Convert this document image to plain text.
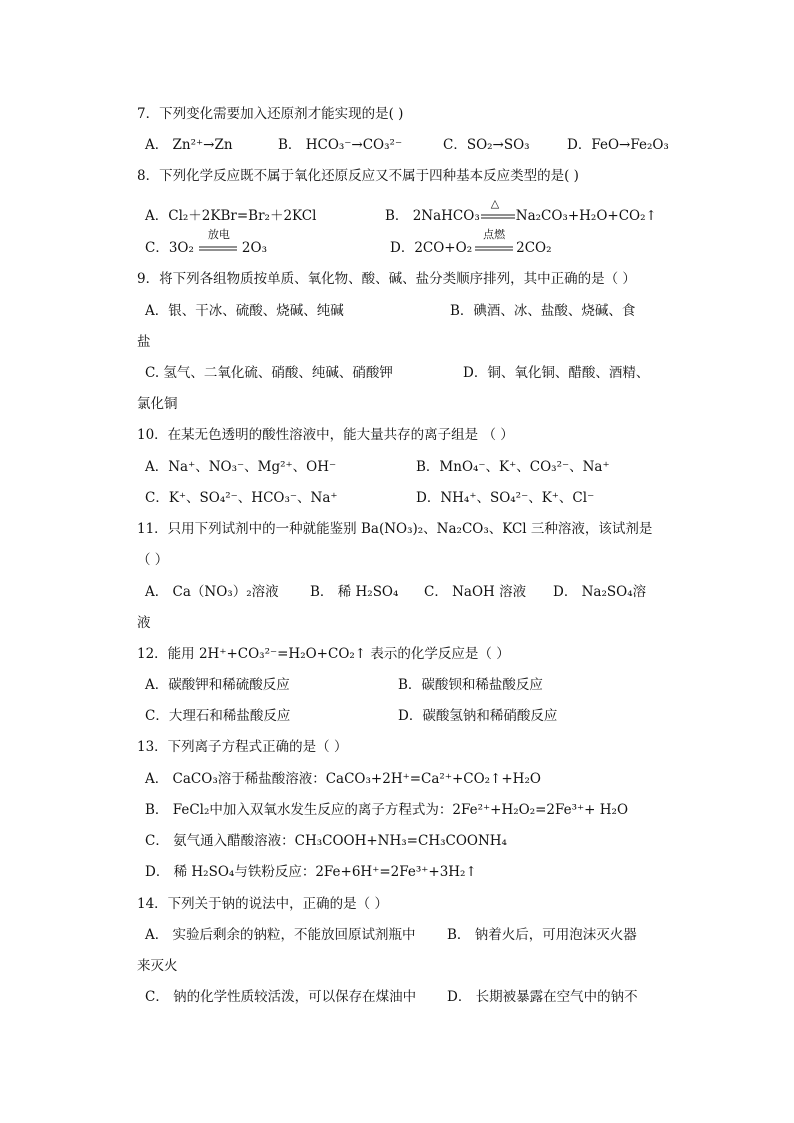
7．下列变化需要加入还原剂才能实现的是( )
A． Zn²⁺→Zn	B． HCO₃⁻→CO₃²⁻	C．SO₂→SO₃	D．FeO→Fe₂O₃
8．下列化学反应既不属于氧化还原反应又不属于四种基本反应类型的是( )
A．Cl₂＋2KBr=Br₂＋2KCl	B． 2NaHCO₃
△
Na₂CO₃+H₂O+CO₂↑
C．3O₂
放电
2O₃	D．2CO+O₂
点燃
2CO₂
9．将下列各组物质按单质、氧化物、酸、碱、盐分类顺序排列，其中正确的是（ ）
A．银、干冰、硫酸、烧碱、纯碱	B．碘酒、冰、盐酸、烧碱、食
盐
C. 氢气、二氧化硫、硝酸、纯碱、硝酸钾	D．铜、氧化铜、醋酸、酒精、
氯化铜
10．在某无色透明的酸性溶液中，能大量共存的离子组是 （ ）
A．Na⁺、NO₃⁻、Mg²⁺、OH⁻	B．MnO₄⁻、K⁺、CO₃²⁻、Na⁺
C．K⁺、SO₄²⁻、HCO₃⁻、Na⁺	D．NH₄⁺、SO₄²⁻、K⁺、Cl⁻
11．只用下列试剂中的一种就能鉴别 Ba(NO₃)₂、Na₂CO₃、KCl 三种溶液，该试剂是
（ ）
A． Ca（NO₃）₂溶液 B． 稀 H₂SO₄ C． NaOH 溶液 D． Na₂SO₄溶
液
12．能用 2H⁺+CO₃²⁻=H₂O+CO₂↑ 表示的化学反应是（ ）
A．碳酸钾和稀硫酸反应	B．碳酸钡和稀盐酸反应
C．大理石和稀盐酸反应	D．碳酸氢钠和稀硝酸反应
13．下列离子方程式正确的是（ ）
A． CaCO₃溶于稀盐酸溶液：CaCO₃+2H⁺=Ca²⁺+CO₂↑+H₂O
B． FeCl₂中加入双氧水发生反应的离子方程式为：2Fe²⁺+H₂O₂=2Fe³⁺+ H₂O
C． 氨气通入醋酸溶液：CH₃COOH+NH₃=CH₃COONH₄
D． 稀 H₂SO₄与铁粉反应：2Fe+6H⁺=2Fe³⁺+3H₂↑
14．下列关于钠的说法中，正确的是（ ）
A． 实验后剩余的钠粒，不能放回原试剂瓶中 B． 钠着火后，可用泡沫灭火器
来灭火
C． 钠的化学性质较活泼，可以保存在煤油中 D． 长期被暴露在空气中的钠不
